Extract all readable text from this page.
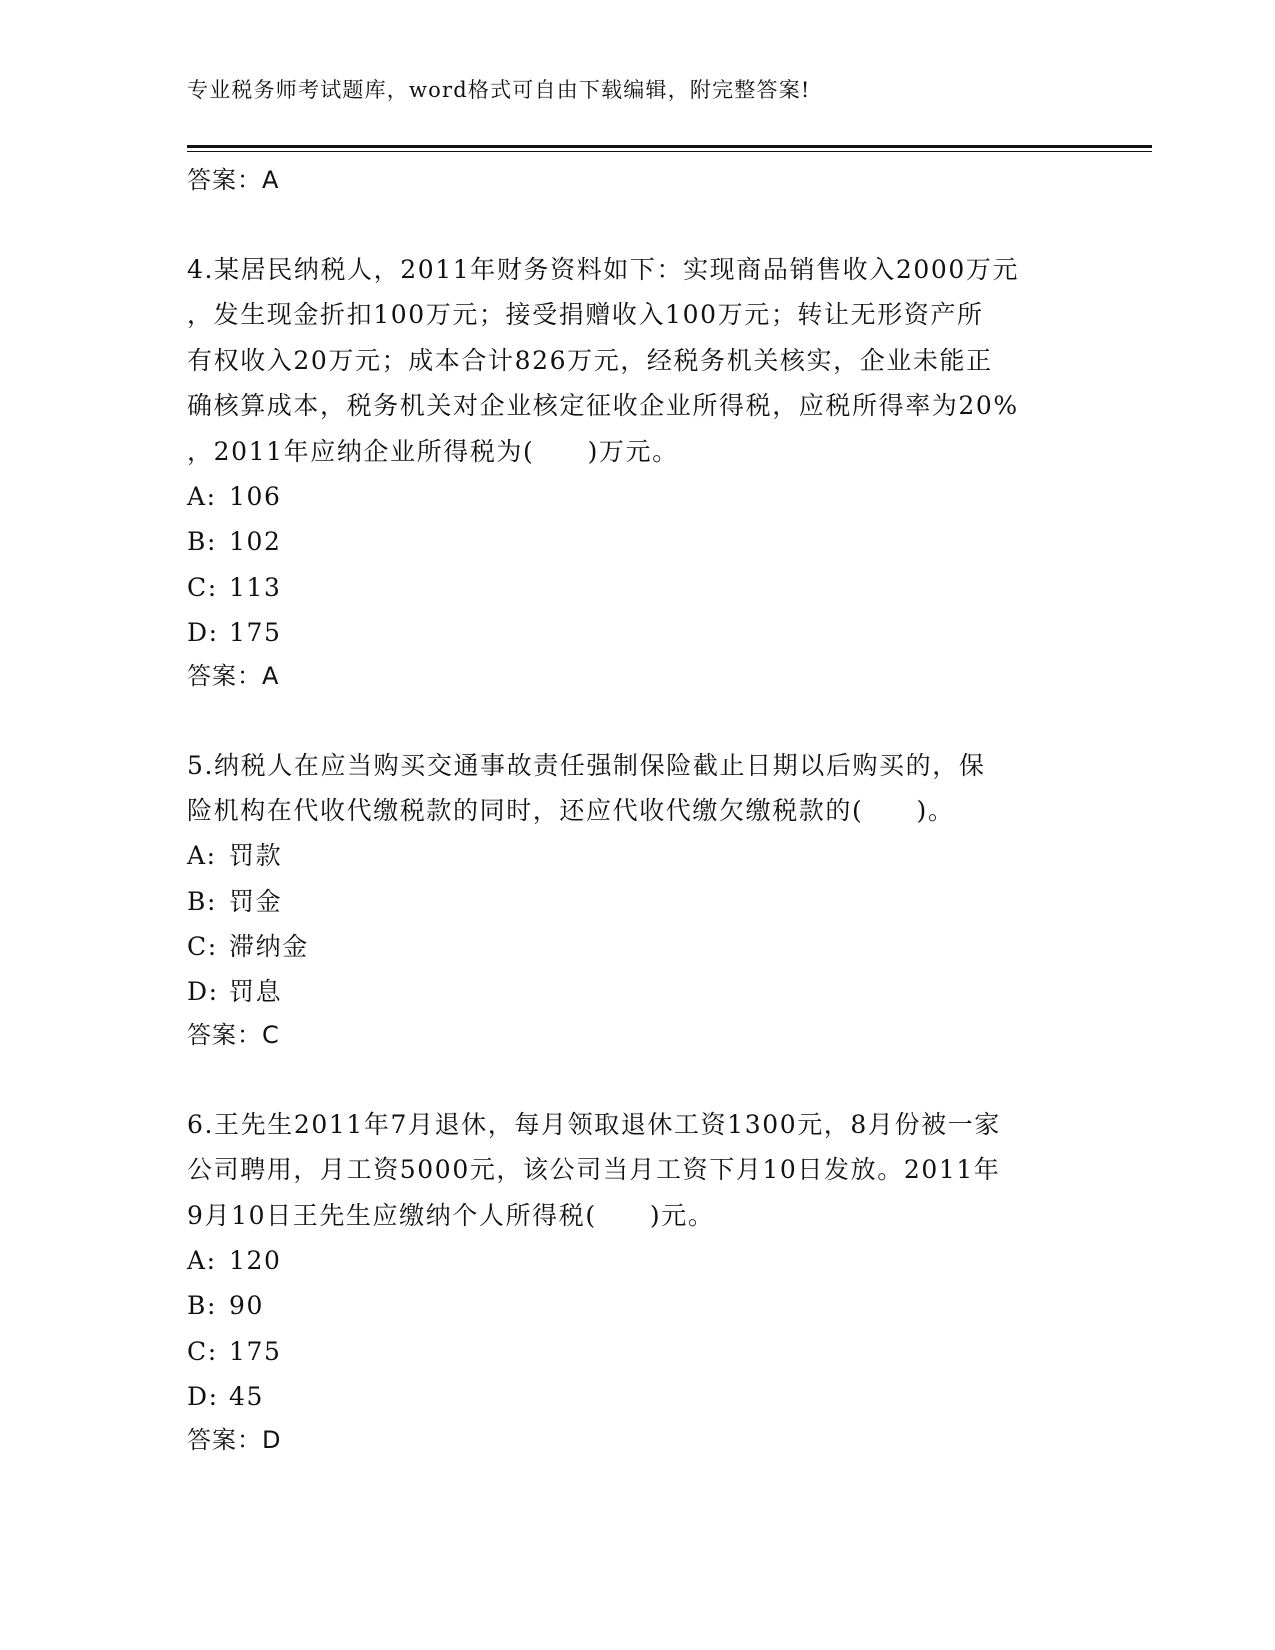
专业税务师考试题库，word格式可自由下载编辑，附完整答案!
答案：A
4.某居民纳税人，2011年财务资料如下：实现商品销售收入2000万元
，发生现金折扣100万元；接受捐赠收入100万元；转让无形资产所
有权收入20万元；成本合计826万元，经税务机关核实，企业未能正
确核算成本，税务机关对企业核定征收企业所得税，应税所得率为20%
，2011年应纳企业所得税为(　　)万元。
A: 106
B: 102
C: 113
D: 175
答案：A
5.纳税人在应当购买交通事故责任强制保险截止日期以后购买的，保
险机构在代收代缴税款的同时，还应代收代缴欠缴税款的(　　)。
A: 罚款
B: 罚金
C: 滞纳金
D: 罚息
答案：C
6.王先生2011年7月退休，每月领取退休工资1300元，8月份被一家
公司聘用，月工资5000元，该公司当月工资下月10日发放。2011年
9月10日王先生应缴纳个人所得税(　　)元。
A: 120
B: 90
C: 175
D: 45
答案：D
